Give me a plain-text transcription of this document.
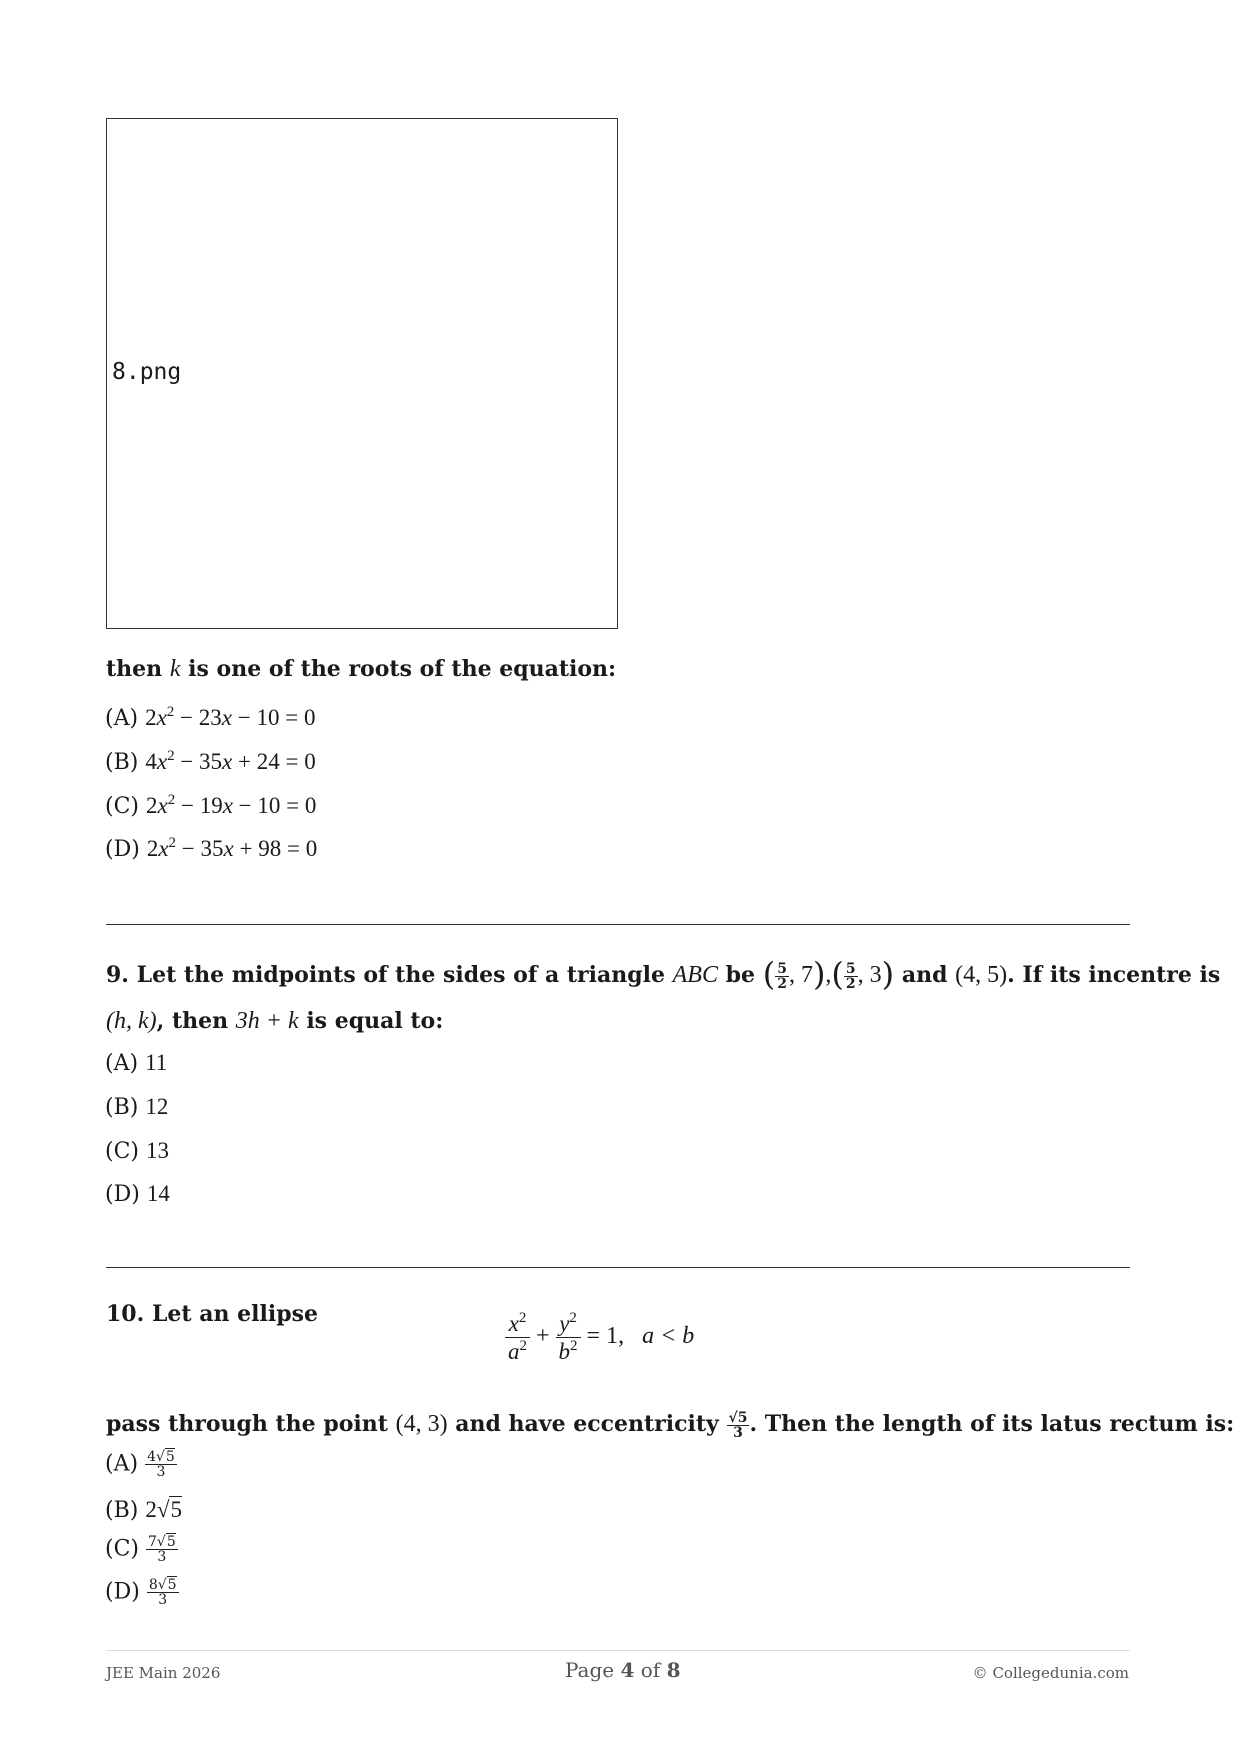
8.png
then k is one of the roots of the equation:
(A) $2x^2 - 23x - 10 = 0$
(B) $4x^2 - 35x + 24 = 0$
(C) $2x^2 - 19x - 10 = 0$
(D) $2x^2 - 35x + 98 = 0$
9. Let the midpoints of the sides of a triangle ABC be ( $\frac{5}{2}$ , $7),( \frac{5}{2}$ , 3) and (4, 5). If its incentre is
(h, k), then 3h + k is equal to:
(A) 11
(B) 12
(C) 13
(D) 14
10. Let an ellipse	$\frac{x^2}{a^2} + \frac{y^2}{b^2} = 1$, a < b
pass through the point (4, 3) and have eccentricity $\frac{√5}{3}$ . Then the length of its latus rectum is:
$(A) \frac{4√5}{3}$
(B) 2√5
$(C) \frac{7√5}{3}$
$(D) \frac{8√5}{3}$
JEE Main 2026	Page 4 of 8	© Collegedunia.com
